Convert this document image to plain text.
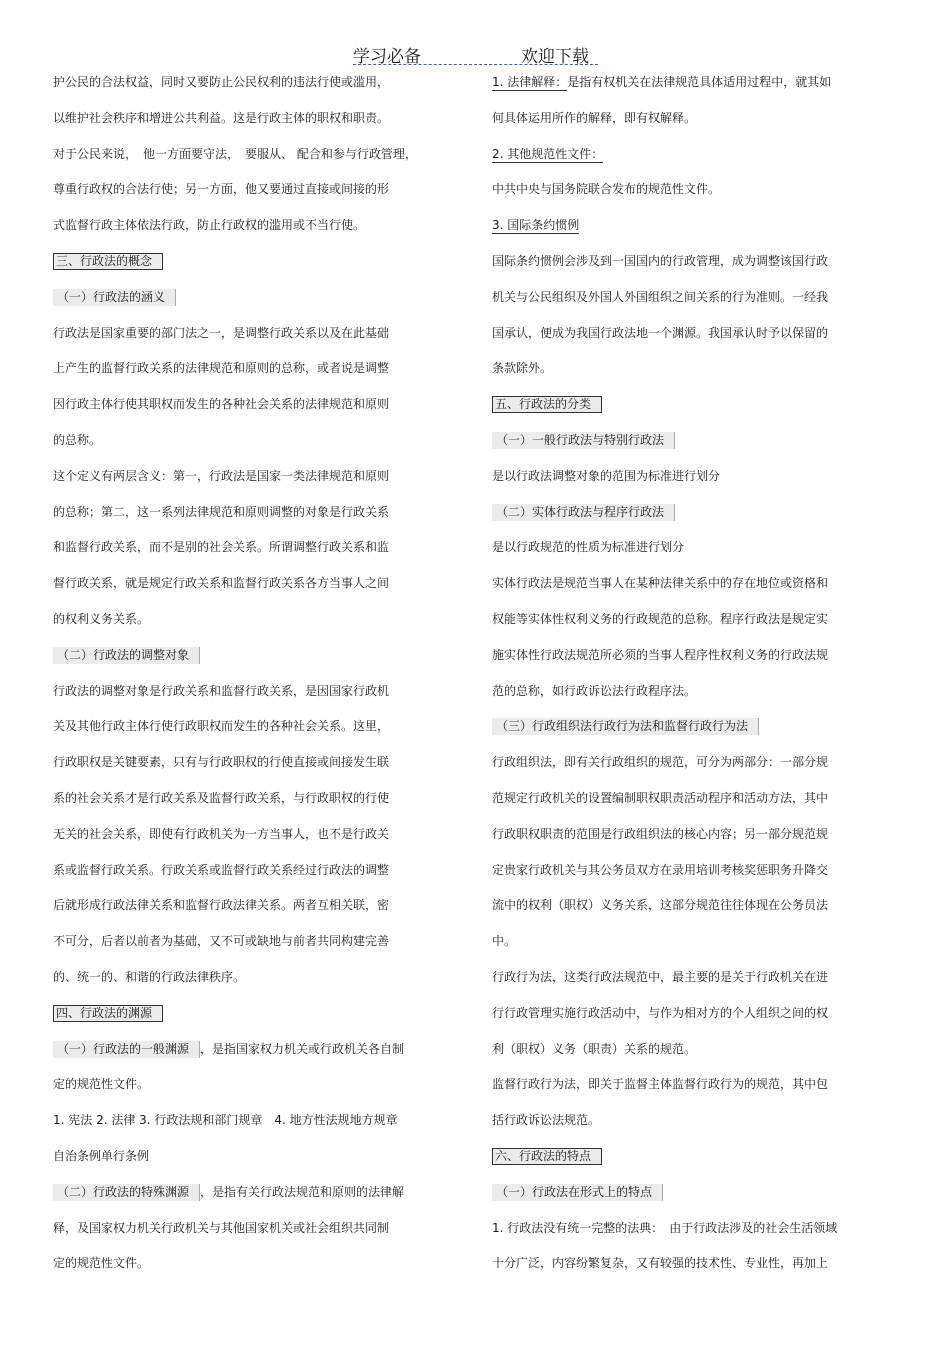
学习必备	欢迎下载
护公民的合法权益，同时又要防止公民权利的违法行使或滥用，
以维护社会秩序和增进公共利益。这是行政主体的职权和职责。
对于公民来说，　他一方面要守法，　要服从、 配合和参与行政管理，
尊重行政权的合法行使；另一方面，他又要通过直接或间接的形
式监督行政主体依法行政，防止行政权的滥用或不当行使。
三、行政法的概念
（一）行政法的涵义
行政法是国家重要的部门法之一，是调整行政关系以及在此基础
上产生的监督行政关系的法律规范和原则的总称，或者说是调整
因行政主体行使其职权而发生的各种社会关系的法律规范和原则
的总称。
这个定义有两层含义：第一，行政法是国家一类法律规范和原则
的总称；第二，这一系列法律规范和原则调整的对象是行政关系
和监督行政关系，而不是别的社会关系。所谓调整行政关系和监
督行政关系，就是规定行政关系和监督行政关系各方当事人之间
的权利义务关系。
（二）行政法的调整对象
行政法的调整对象是行政关系和监督行政关系，是因国家行政机
关及其他行政主体行使行政职权而发生的各种社会关系。这里，
行政职权是关键要素，只有与行政职权的行使直接或间接发生联
系的社会关系才是行政关系及监督行政关系，与行政职权的行使
无关的社会关系，即使有行政机关为一方当事人，也不是行政关
系或监督行政关系。行政关系或监督行政关系经过行政法的调整
后就形成行政法律关系和监督行政法律关系。两者互相关联，密
不可分，后者以前者为基础，又不可或缺地与前者共同构建完善
的、统一的、和谐的行政法律秩序。
四、行政法的渊源
（一）行政法的一般渊源 ，是指国家权力机关或行政机关各自制
定的规范性文件。
1. 宪法 2. 法律 3. 行政法规和部门规章　4. 地方性法规地方规章
自治条例单行条例
（二）行政法的特殊渊源 ，是指有关行政法规范和原则的法律解
释，及国家权力机关行政机关与其他国家机关或社会组织共同制
定的规范性文件。
1. 法律解释：是指有权机关在法律规范具体适用过程中，就其如
何具体运用所作的解释，即有权解释。
2. 其他规范性文件：
中共中央与国务院联合发布的规范性文件。
3. 国际条约惯例
国际条约惯例会涉及到一国国内的行政管理，成为调整该国行政
机关与公民组织及外国人外国组织之间关系的行为准则。一经我
国承认，便成为我国行政法地一个渊源。我国承认时予以保留的
条款除外。
五、行政法的分类
（一）一般行政法与特别行政法
是以行政法调整对象的范围为标准进行划分
（二）实体行政法与程序行政法
是以行政规范的性质为标准进行划分
实体行政法是规范当事人在某种法律关系中的存在地位或资格和
权能等实体性权利义务的行政规范的总称。程序行政法是规定实
施实体性行政法规范所必须的当事人程序性权利义务的行政法规
范的总称，如行政诉讼法行政程序法。
（三）行政组织法行政行为法和监督行政行为法
行政组织法，即有关行政组织的规范，可分为两部分：一部分规
范规定行政机关的设置编制职权职责活动程序和活动方法，其中
行政职权职责的范围是行政组织法的核心内容；另一部分规范规
定贵家行政机关与其公务员双方在录用培训考核奖惩职务升降交
流中的权利（职权）义务关系，这部分规范往往体现在公务员法
中。
行政行为法，这类行政法规范中，最主要的是关于行政机关在进
行行政管理实施行政活动中，与作为相对方的个人组织之间的权
利（职权）义务（职责）关系的规范。
监督行政行为法，即关于监督主体监督行政行为的规范，其中包
括行政诉讼法规范。
六、行政法的特点
（一）行政法在形式上的特点
1. 行政法没有统一完整的法典：　由于行政法涉及的社会生活领域
十分广泛，内容纷繁复杂，又有较强的技术性、专业性，再加上
